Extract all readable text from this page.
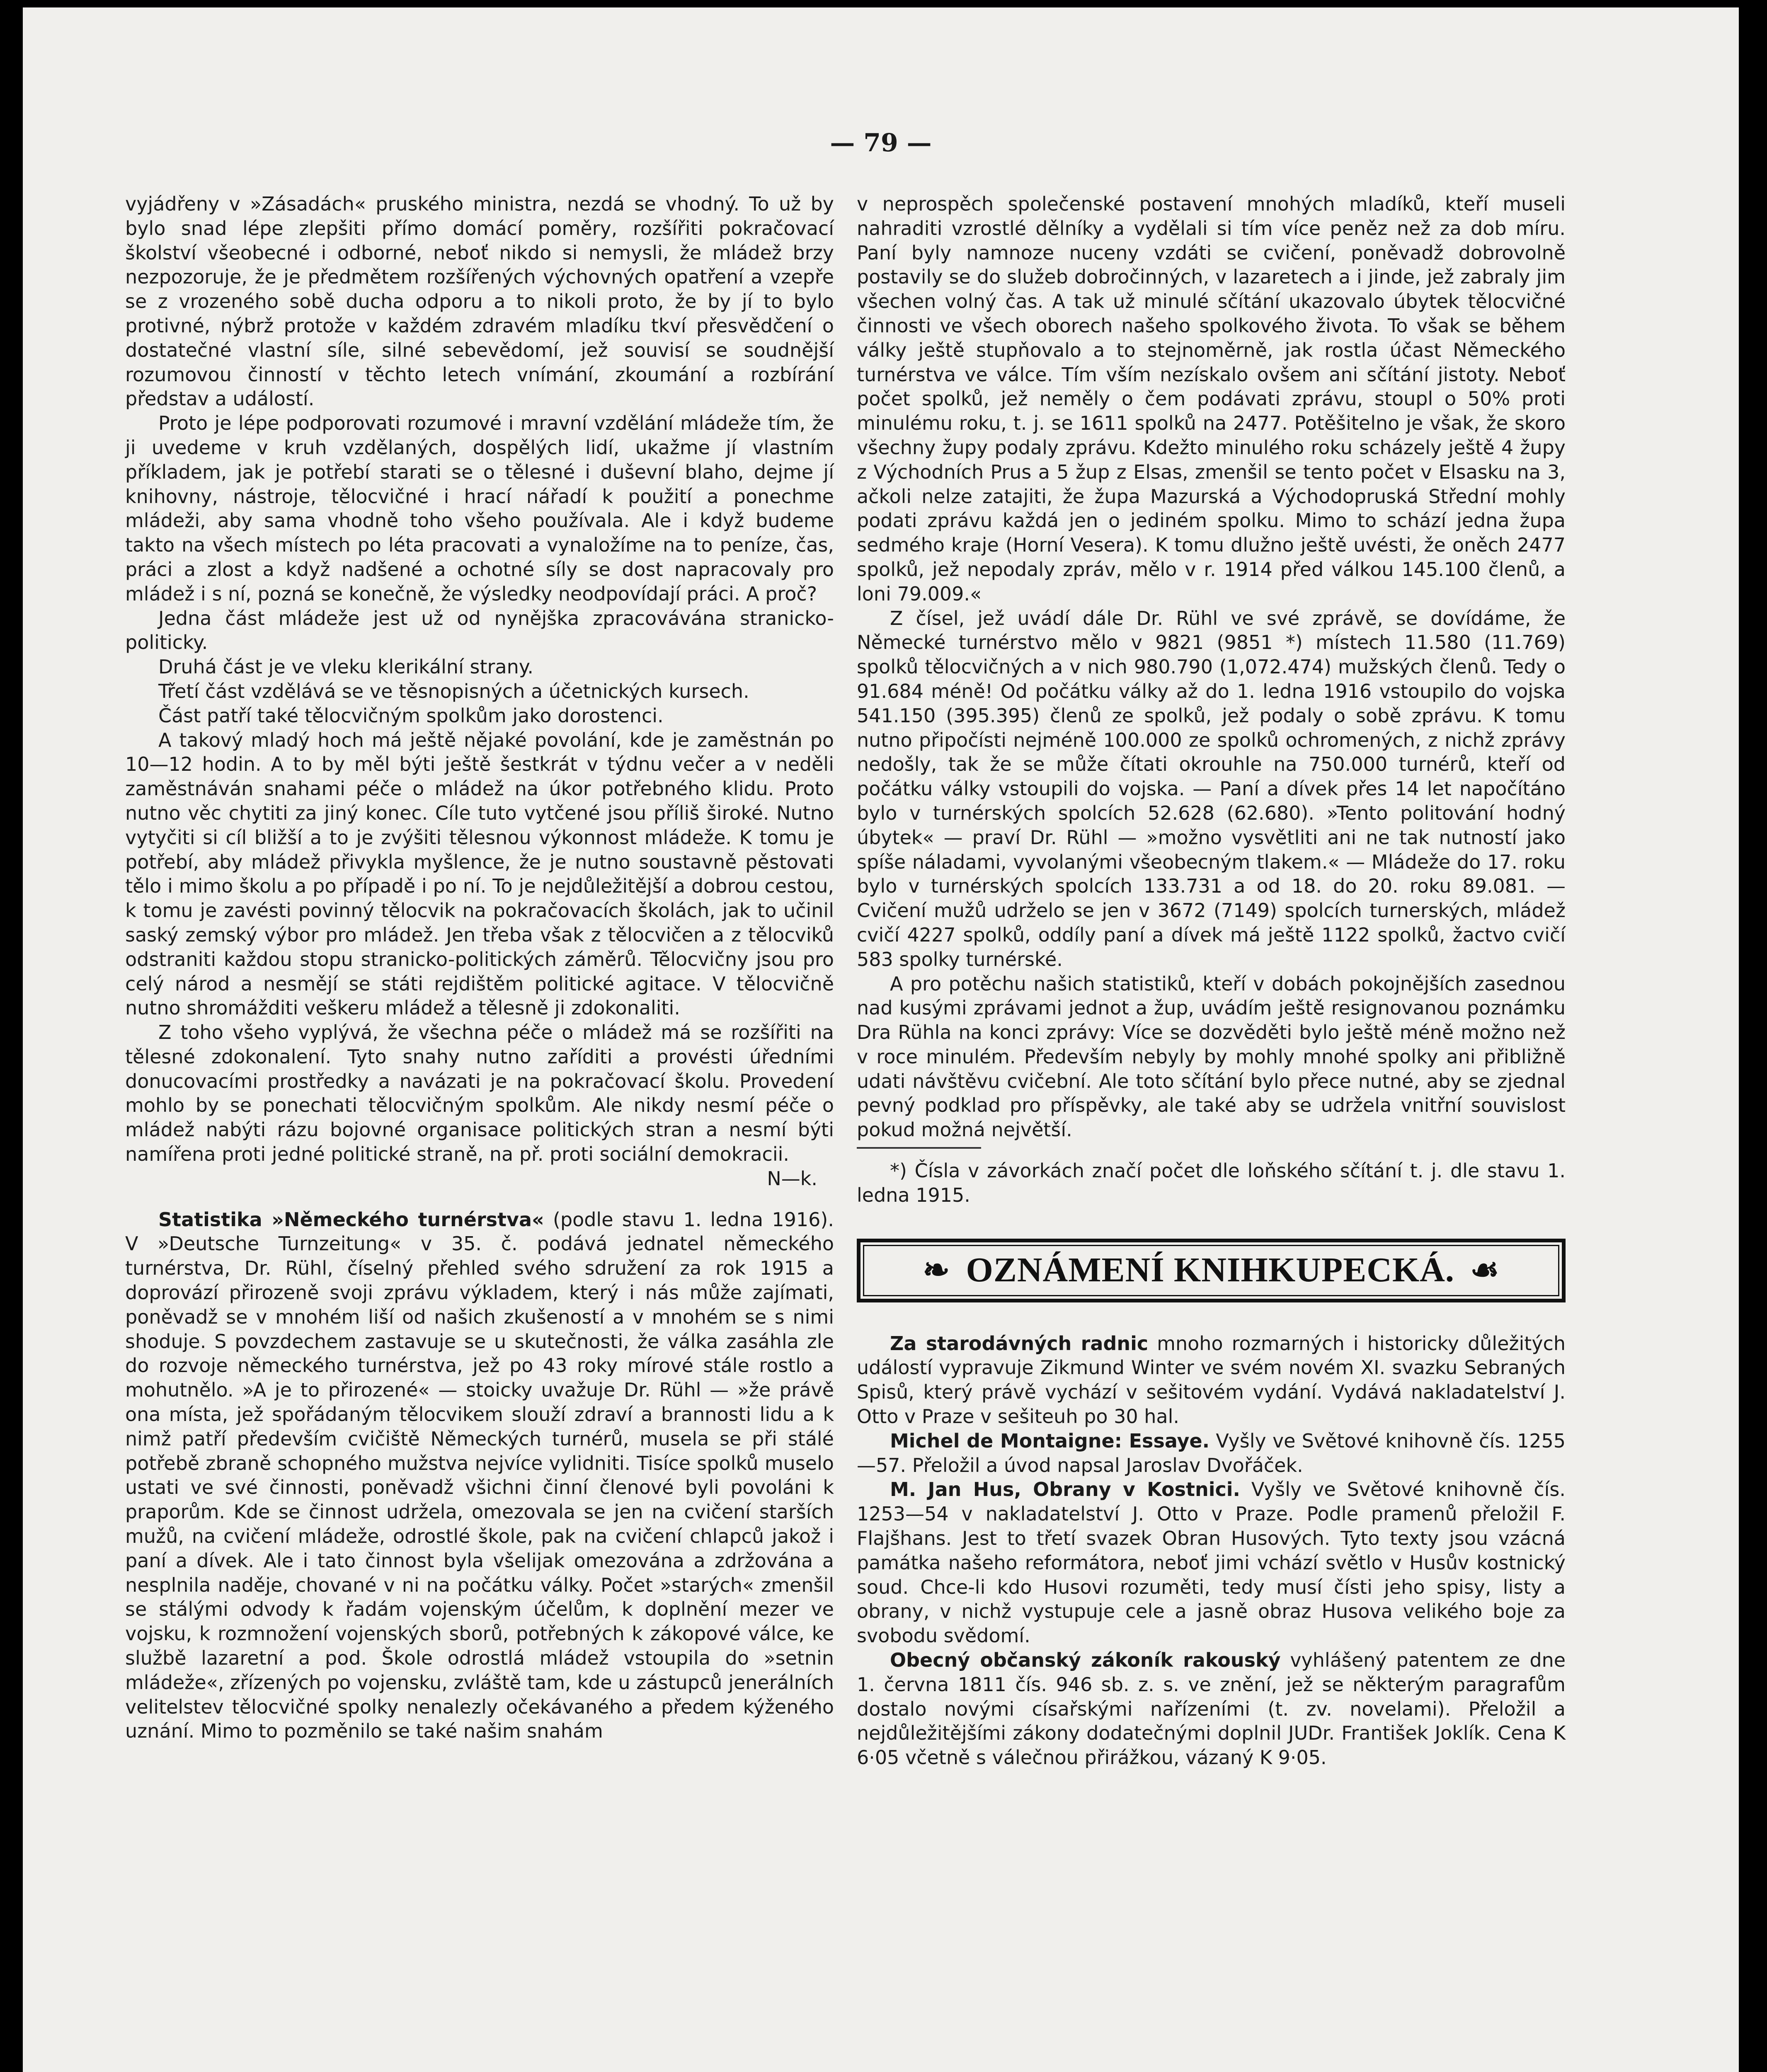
— 79 —

vyjádřeny v »Zásadách« pruského ministra, nezdá se vhodný. To už by bylo snad lépe zlepšiti přímo domácí poměry, rozšířiti pokračovací školství všeobecné i odborné, neboť nikdo si nemysli, že mládež brzy nezpozoruje, že je předmětem rozšířených výchovných opatření a vzepře se z vrozeného sobě ducha odporu a to nikoli proto, že by jí to bylo protivné, nýbrž protože v každém zdravém mladíku tkví přesvědčení o dostatečné vlastní síle, silné sebevědomí, jež souvisí se soudnější rozumovou činností v těchto letech vnímání, zkoumání a rozbírání představ a událostí.

Proto je lépe podporovati rozumové i mravní vzdělání mládeže tím, že ji uvedeme v kruh vzdělaných, dospělých lidí, ukažme jí vlastním příkladem, jak je potřebí starati se o tělesné i duševní blaho, dejme jí knihovny, nástroje, tělocvičné i hrací nářadí k použití a ponechme mládeži, aby sama vhodně toho všeho používala. Ale i když budeme takto na všech místech po léta pracovati a vynaložíme na to peníze, čas, práci a zlost a když nadšené a ochotné síly se dost napracovaly pro mládež i s ní, pozná se konečně, že výsledky neodpovídají práci. A proč?

Jedna část mládeže jest už od nynějška zpracovávána stranicko-politicky.

Druhá část je ve vleku klerikální strany.

Třetí část vzdělává se ve těsnopisných a účetnických kursech.

Část patří také tělocvičným spolkům jako dorostenci.

A takový mladý hoch má ještě nějaké povolání, kde je zaměstnán po 10—12 hodin. A to by měl býti ještě šestkrát v týdnu večer a v neděli zaměstnáván snahami péče o mládež na úkor potřebného klidu. Proto nutno věc chytiti za jiný konec. Cíle tuto vytčené jsou příliš široké. Nutno vytyčiti si cíl bližší a to je zvýšiti tělesnou výkonnost mládeže. K tomu je potřebí, aby mládež přivykla myšlence, že je nutno soustavně pěstovati tělo i mimo školu a po případě i po ní. To je nejdůležitější a dobrou cestou, k tomu je zavésti povinný tělocvik na pokračovacích školách, jak to učinil saský zemský výbor pro mládež. Jen třeba však z tělocvičen a z tělocviků odstraniti každou stopu stranicko-politických záměrů. Tělocvičny jsou pro celý národ a nesmějí se státi rejdištěm politické agitace. V tělocvičně nutno shromážditi veškeru mládež a tělesně ji zdokonaliti.

Z toho všeho vyplývá, že všechna péče o mládež má se rozšířiti na tělesné zdokonalení. Tyto snahy nutno zaříditi a provésti úředními donucovacími prostředky a navázati je na pokračovací školu. Provedení mohlo by se ponechati tělocvičným spolkům. Ale nikdy nesmí péče o mládež nabýti rázu bojovné organisace politických stran a nesmí býti namířena proti jedné politické straně, na př. proti sociální demokracii.

N—k.

Statistika »Německého turnérstva« (podle stavu 1. ledna 1916). V »Deutsche Turnzeitung« v 35. č. podává jednatel německého turnérstva, Dr. Rühl, číselný přehled svého sdružení za rok 1915 a doprovází přirozeně svoji zprávu výkladem, který i nás může zajímati, poněvadž se v mnohém liší od našich zkušeností a v mnohém se s nimi shoduje. S povzdechem zastavuje se u skutečnosti, že válka zasáhla zle do rozvoje německého turnérstva, jež po 43 roky mírové stále rostlo a mohutnělo. »A je to přirozené« — stoicky uvažuje Dr. Rühl — »že právě ona místa, jež spořádaným tělocvikem slouží zdraví a brannosti lidu a k nimž patří především cvičiště Německých turnérů, musela se při stálé potřebě zbraně schopného mužstva nejvíce vylidniti. Tisíce spolků muselo ustati ve své činnosti, poněvadž všichni činní členové byli povoláni k praporům. Kde se činnost udržela, omezovala se jen na cvičení starších mužů, na cvičení mládeže, odrostlé škole, pak na cvičení chlapců jakož i paní a dívek. Ale i tato činnost byla všelijak omezována a zdržována a nesplnila naděje, chované v ni na počátku války. Počet »starých« zmenšil se stálými odvody k řadám vojenským účelům, k doplnění mezer ve vojsku, k rozmnožení vojenských sborů, potřebných k zákopové válce, ke službě lazaretní a pod. Škole odrostlá mládež vstoupila do »setnin mládeže«, zřízených po vojensku, zvláště tam, kde u zástupců jenerálních velitelstev tělocvičné spolky nenalezly očekávaného a předem kýženého uznání. Mimo to pozměnilo se také našim snahám

v neprospěch společenské postavení mnohých mladíků, kteří museli nahraditi vzrostlé dělníky a vydělali si tím více peněz než za dob míru. Paní byly namnoze nuceny vzdáti se cvičení, poněvadž dobrovolně postavily se do služeb dobročinných, v lazaretech a i jinde, jež zabraly jim všechen volný čas. A tak už minulé sčítání ukazovalo úbytek tělocvičné činnosti ve všech oborech našeho spolkového života. To však se během války ještě stupňovalo a to stejnoměrně, jak rostla účast Německého turnérstva ve válce. Tím vším nezískalo ovšem ani sčítání jistoty. Neboť počet spolků, jež neměly o čem podávati zprávu, stoupl o 50% proti minulému roku, t. j. se 1611 spolků na 2477. Potěšitelno je však, že skoro všechny župy podaly zprávu. Kdežto minulého roku scházely ještě 4 župy z Východních Prus a 5 žup z Elsas, zmenšil se tento počet v Elsasku na 3, ačkoli nelze zatajiti, že župa Mazurská a Východopruská Střední mohly podati zprávu každá jen o jediném spolku. Mimo to schází jedna župa sedmého kraje (Horní Vesera). K tomu dlužno ještě uvésti, že oněch 2477 spolků, jež nepodaly zpráv, mělo v r. 1914 před válkou 145.100 členů, a loni 79.009.«

Z čísel, jež uvádí dále Dr. Rühl ve své zprávě, se dovídáme, že Německé turnérstvo mělo v 9821 (9851 *) místech 11.580 (11.769) spolků tělocvičných a v nich 980.790 (1,072.474) mužských členů. Tedy o 91.684 méně! Od počátku války až do 1. ledna 1916 vstoupilo do vojska 541.150 (395.395) členů ze spolků, jež podaly o sobě zprávu. K tomu nutno připočísti nejméně 100.000 ze spolků ochromených, z nichž zprávy nedošly, tak že se může čítati okrouhle na 750.000 turnérů, kteří od počátku války vstoupili do vojska. — Paní a dívek přes 14 let napočítáno bylo v turnérských spolcích 52.628 (62.680). »Tento politování hodný úbytek« — praví Dr. Rühl — »možno vysvětliti ani ne tak nutností jako spíše náladami, vyvolanými všeobecným tlakem.« — Mládeže do 17. roku bylo v turnérských spolcích 133.731 a od 18. do 20. roku 89.081. — Cvičení mužů udrželo se jen v 3672 (7149) spolcích turnerských, mládež cvičí 4227 spolků, oddíly paní a dívek má ještě 1122 spolků, žactvo cvičí 583 spolky turnérské.

A pro potěchu našich statistiků, kteří v dobách pokojnějších zasednou nad kusými zprávami jednot a žup, uvádím ještě resignovanou poznámku Dra Rühla na konci zprávy: Více se dozvěděti bylo ještě méně možno než v roce minulém. Především nebyly by mohly mnohé spolky ani přibližně udati návštěvu cvičební. Ale toto sčítání bylo přece nutné, aby se zjednal pevný podklad pro příspěvky, ale také aby se udržela vnitřní souvislost pokud možná největší.

*) Čísla v závorkách značí počet dle loňského sčítání t. j. dle stavu 1. ledna 1915.

❧ OZNÁMENÍ KNIHKUPECKÁ. ☙

Za starodávných radnic mnoho rozmarných i historicky důležitých událostí vypravuje Zikmund Winter ve svém novém XI. svazku Sebraných Spisů, který právě vychází v sešitovém vydání. Vydává nakladatelství J. Otto v Praze v sešiteuh po 30 hal.

Michel de Montaigne: Essaye. Vyšly ve Světové knihovně čís. 1255—57. Přeložil a úvod napsal Jaroslav Dvořáček.

M. Jan Hus, Obrany v Kostnici. Vyšly ve Světové knihovně čís. 1253—54 v nakladatelství J. Otto v Praze. Podle pramenů přeložil F. Flajšhans. Jest to třetí svazek Obran Husových. Tyto texty jsou vzácná památka našeho reformátora, neboť jimi vchází světlo v Husův kostnický soud. Chce-li kdo Husovi rozuměti, tedy musí čísti jeho spisy, listy a obrany, v nichž vystupuje cele a jasně obraz Husova velikého boje za svobodu svědomí.

Obecný občanský zákoník rakouský vyhlášený patentem ze dne 1. června 1811 čís. 946 sb. z. s. ve znění, jež se některým paragrafům dostalo novými císařskými nařízeními (t. zv. novelami). Přeložil a nejdůležitějšími zákony dodatečnými doplnil JUDr. František Joklík. Cena K 6·05 včetně s válečnou přirážkou, vázaný K 9·05.
